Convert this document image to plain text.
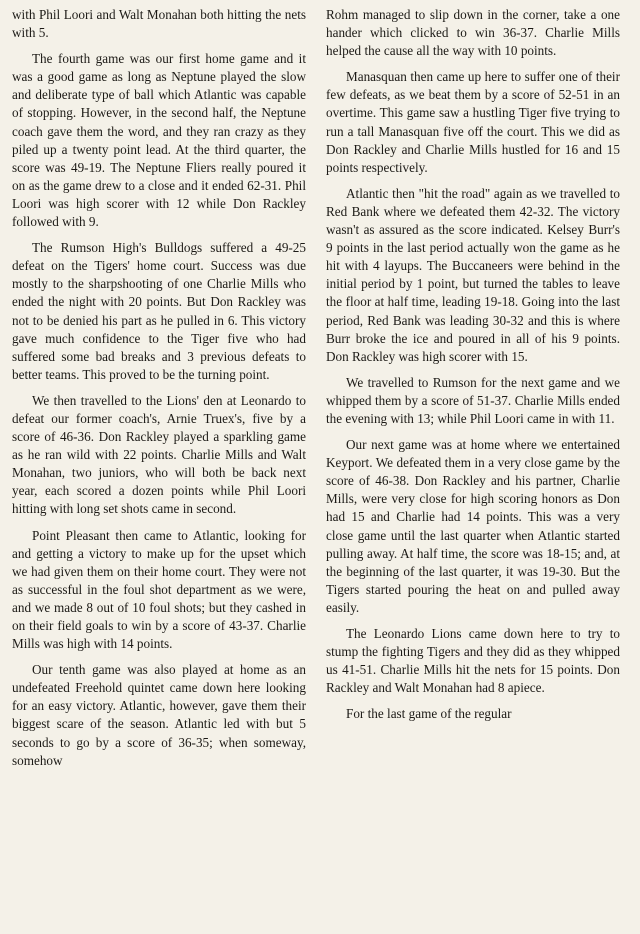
with Phil Loori and Walt Monahan both hitting the nets with 5.

The fourth game was our first home game and it was a good game as long as Neptune played the slow and deliberate type of ball which Atlantic was capable of stopping. However, in the second half, the Neptune coach gave them the word, and they ran crazy as they piled up a twenty point lead. At the third quarter, the score was 49-19. The Neptune Fliers really poured it on as the game drew to a close and it ended 62-31. Phil Loori was high scorer with 12 while Don Rackley followed with 9.

The Rumson High's Bulldogs suffered a 49-25 defeat on the Tigers' home court. Success was due mostly to the sharpshooting of one Charlie Mills who ended the night with 20 points. But Don Rackley was not to be denied his part as he pulled in 6. This victory gave much confidence to the Tiger five who had suffered some bad breaks and 3 previous defeats to better teams. This proved to be the turning point.

We then travelled to the Lions' den at Leonardo to defeat our former coach's, Arnie Truex's, five by a score of 46-36. Don Rackley played a sparkling game as he ran wild with 22 points. Charlie Mills and Walt Monahan, two juniors, who will both be back next year, each scored a dozen points while Phil Loori hitting with long set shots came in second.

Point Pleasant then came to Atlantic, looking for and getting a victory to make up for the upset which we had given them on their home court. They were not as successful in the foul shot department as we were, and we made 8 out of 10 foul shots; but they cashed in on their field goals to win by a score of 43-37. Charlie Mills was high with 14 points.

Our tenth game was also played at home as an undefeated Freehold quintet came down here looking for an easy victory. Atlantic, however, gave them their biggest scare of the season. Atlantic led with but 5 seconds to go by a score of 36-35; when someway, somehow

Rohm managed to slip down in the corner, take a one hander which clicked to win 36-37. Charlie Mills helped the cause all the way with 10 points.

Manasquan then came up here to suffer one of their few defeats, as we beat them by a score of 52-51 in an overtime. This game saw a hustling Tiger five trying to run a tall Manasquan five off the court. This we did as Don Rackley and Charlie Mills hustled for 16 and 15 points respectively.

Atlantic then "hit the road" again as we travelled to Red Bank where we defeated them 42-32. The victory wasn't as assured as the score indicated. Kelsey Burr's 9 points in the last period actually won the game as he hit with 4 layups. The Buccaneers were behind in the initial period by 1 point, but turned the tables to leave the floor at half time, leading 19-18. Going into the last period, Red Bank was leading 30-32 and this is where Burr broke the ice and poured in all of his 9 points. Don Rackley was high scorer with 15.

We travelled to Rumson for the next game and we whipped them by a score of 51-37. Charlie Mills ended the evening with 13; while Phil Loori came in with 11.

Our next game was at home where we entertained Keyport. We defeated them in a very close game by the score of 46-38. Don Rackley and his partner, Charlie Mills, were very close for high scoring honors as Don had 15 and Charlie had 14 points. This was a very close game until the last quarter when Atlantic started pulling away. At half time, the score was 18-15; and, at the beginning of the last quarter, it was 19-30. But the Tigers started pouring the heat on and pulled away easily.

The Leonardo Lions came down here to try to stump the fighting Tigers and they did as they whipped us 41-51. Charlie Mills hit the nets for 15 points. Don Rackley and Walt Monahan had 8 apiece.

For the last game of the regular
